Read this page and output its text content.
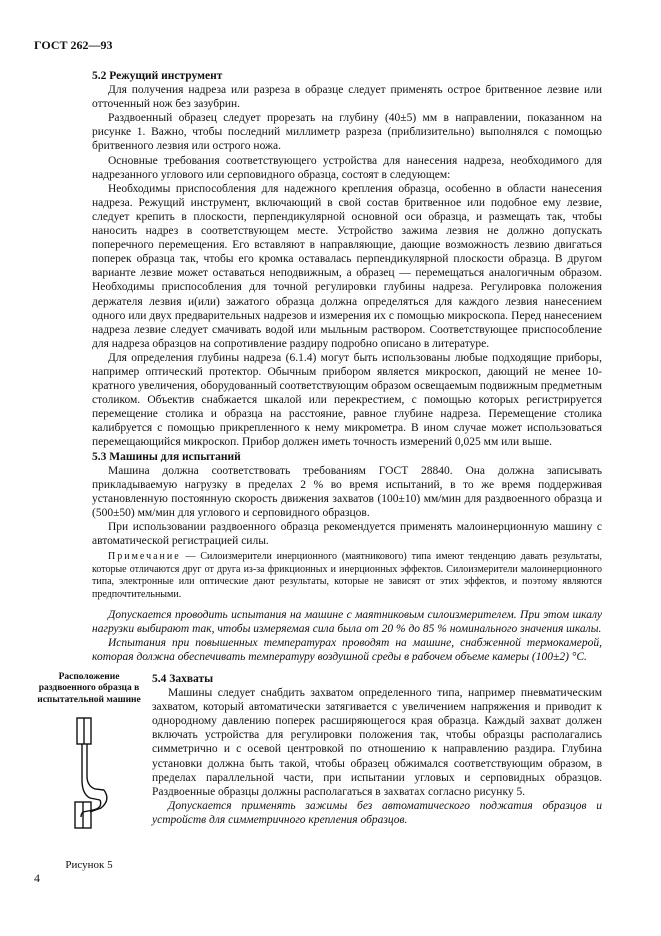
ГОСТ 262—93
5.2 Режущий инструмент

Для получения надреза или разреза в образце следует применять острое бритвенное лезвие или отточенный нож без зазубрин.

Раздвоенный образец следует прорезать на глубину (40±5) мм в направлении, показанном на рисунке 1. Важно, чтобы последний миллиметр разреза (приблизительно) выполнялся с помощью бритвенного лезвия или острого ножа.

Основные требования соответствующего устройства для нанесения надреза, необходимого для надрезанного углового или серповидного образца, состоят в следующем:

Необходимы приспособления для надежного крепления образца, особенно в области нанесения надреза. Режущий инструмент, включающий в свой состав бритвенное или подобное ему лезвие, следует крепить в плоскости, перпендикулярной основной оси образца, и размещать так, чтобы наносить надрез в соответствующем месте. Устройство зажима лезвия не должно допускать поперечного перемещения. Его вставляют в направляющие, дающие возможность лезвию двигаться поперек образца так, чтобы его кромка оставалась перпендикулярной плоскости образца. В другом варианте лезвие может оставаться неподвижным, а образец — перемещаться аналогичным образом. Необходимы приспособления для точной регулировки глубины надреза. Регулировка положения держателя лезвия и(или) зажатого образца должна определяться для каждого лезвия нанесением одного или двух предварительных надрезов и измерения их с помощью микроскопа. Перед нанесением надреза лезвие следует смачивать водой или мыльным раствором. Соответствующее приспособление для надреза образцов на сопротивление раздиру подробно описано в литературе.

Для определения глубины надреза (6.1.4) могут быть использованы любые подходящие приборы, например оптический протектор. Обычным прибором является микроскоп, дающий не менее 10-кратного увеличения, оборудованный соответствующим образом освещаемым подвижным предметным столиком. Объектив снабжается шкалой или перекрестием, с помощью которых регистрируется перемещение столика и образца на расстояние, равное глубине надреза. Перемещение столика калибруется с помощью прикрепленного к нему микрометра. В ином случае может использоваться перемещающийся микроскоп. Прибор должен иметь точность измерений 0,025 мм или выше.

5.3 Машины для испытаний

Машина должна соответствовать требованиям ГОСТ 28840. Она должна записывать прикладываемую нагрузку в пределах 2 % во время испытаний, в то же время поддерживая установленную постоянную скорость движения захватов (100±10) мм/мин для раздвоенного образца и (500±50) мм/мин для углового и серповидного образцов.

При использовании раздвоенного образца рекомендуется применять малоинерционную машину с автоматической регистрацией силы.

Примечание — Силоизмерители инерционного (маятникового) типа имеют тенденцию давать результаты, которые отличаются друг от друга из-за фрикционных и инерционных эффектов. Силоизмерители малоинерционного типа, электронные или оптические дают результаты, которые не зависят от этих эффектов, и поэтому являются предпочтительными.

Допускается проводить испытания на машине с маятниковым силоизмерителем. При этом шкалу нагрузки выбирают так, чтобы измеряемая сила была от 20 % до 85 % номинального значения шкалы.

Испытания при повышенных температурах проводят на машине, снабженной термокамерой, которая должна обеспечивать температуру воздушной среды в рабочем объеме камеры (100±2) °С.

Расположение раздвоенного образца в испытательной машине
Рисунок 5
5.4 Захваты

Машины следует снабдить захватом определенного типа, например пневматическим захватом, который автоматически затягивается с увеличением напряжения и приводит к однородному давлению поперек расширяющегося края образца. Каждый захват должен включать устройства для регулировки положения так, чтобы образцы располагались симметрично и с осевой центровкой по отношению к направлению раздира. Глубина установки должна быть такой, чтобы образец обжимался соответствующим образом, в пределах параллельной части, при испытании угловых и серповидных образцов. Раздвоенные образцы должны располагаться в захватах согласно рисунку 5.

Допускается применять зажимы без автоматического поджатия образцов и устройств для симметричного крепления образцов.

4
